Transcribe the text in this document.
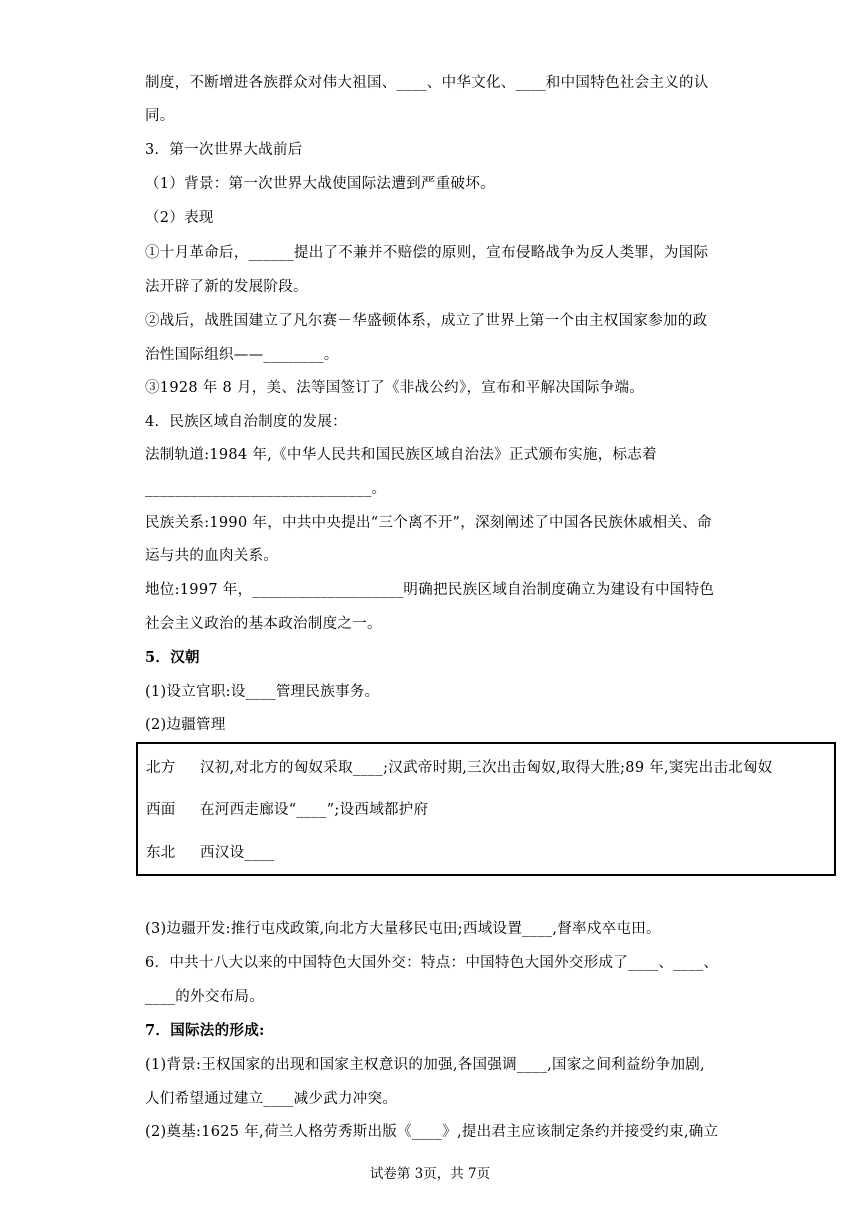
制度，不断增进各族群众对伟大祖国、____、中华文化、____和中国特色社会主义的认
同。
3．第一次世界大战前后
（1）背景：第一次世界大战使国际法遭到严重破坏。
（2）表现
①十月革命后，______提出了不兼并不赔偿的原则，宣布侵略战争为反人类罪，为国际
法开辟了新的发展阶段。
②战后，战胜国建立了凡尔赛－华盛顿体系，成立了世界上第一个由主权国家参加的政
治性国际组织——________。
③1928 年 8 月，美、法等国签订了《非战公约》，宣布和平解决国际争端。
4．民族区域自治制度的发展：
法制轨道:1984 年,《中华人民共和国民族区域自治法》正式颁布实施，标志着
______________________________。
民族关系:1990 年，中共中央提出“三个离不开”，深刻阐述了中国各民族休戚相关、命
运与共的血肉关系。
地位:1997 年，____________________明确把民族区域自治制度确立为建设有中国特色
社会主义政治的基本政治制度之一。
5．汉朝
(1)设立官职:设____管理民族事务。
(2)边疆管理
北方 汉初,对北方的匈奴采取____;汉武帝时期,三次出击匈奴,取得大胜;89 年,窦宪出击北匈奴
西面 在河西走廊设“____”;设西域都护府
东北 西汉设____
(3)边疆开发:推行屯戍政策,向北方大量移民屯田;西域设置____,督率戍卒屯田。
6．中共十八大以来的中国特色大国外交：特点：中国特色大国外交形成了____、____、
____的外交布局。
7．国际法的形成:
(1)背景:王权国家的出现和国家主权意识的加强,各国强调____,国家之间利益纷争加剧,
人们希望通过建立____减少武力冲突。
(2)奠基:1625 年,荷兰人格劳秀斯出版《____》,提出君主应该制定条约并接受约束,确立
试卷第 3页，共 7页
